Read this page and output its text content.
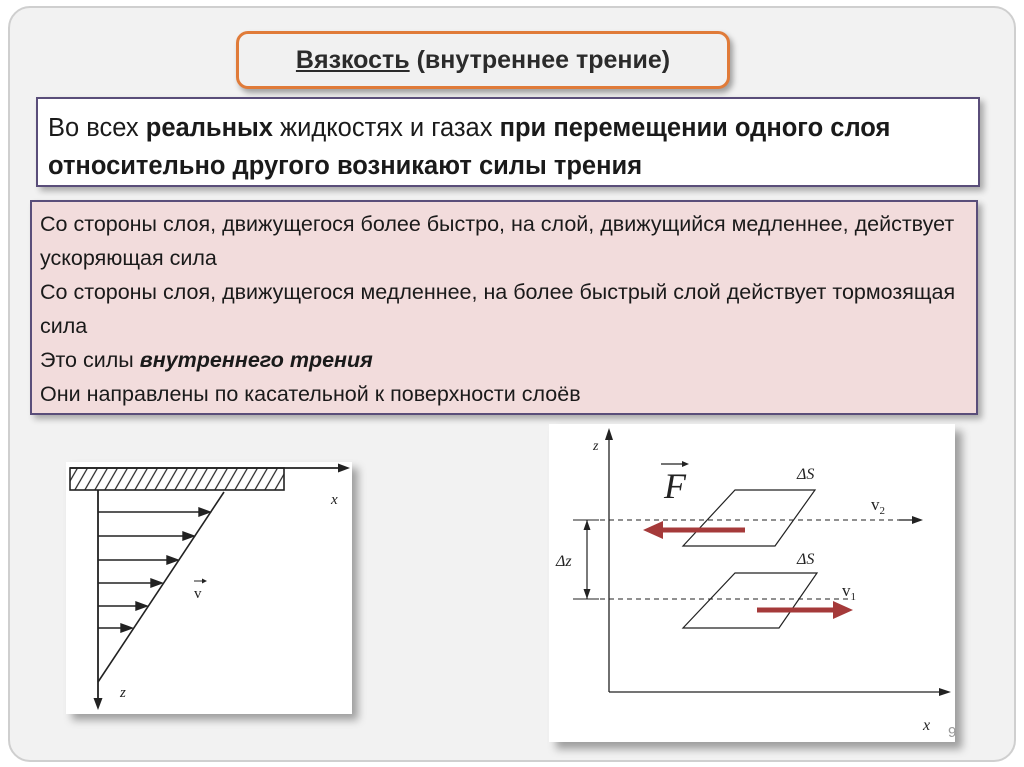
Вязкость (внутреннее трение)
Во всех реальных жидкостях и газах при перемещении одного слоя относительно другого возникают силы трения

Со стороны слоя, движущегося более быстро, на слой, движущийся медленнее, действует ускоряющая сила

Со стороны слоя, движущегося медленнее, на более быстрый слой действует тормозящая сила

Это силы внутреннего трения

Они направлены по касательной к поверхности слоёв

x
z
v
z
x
F	$v_2$
ΔS
$v_1$
ΔS
Δz
9
